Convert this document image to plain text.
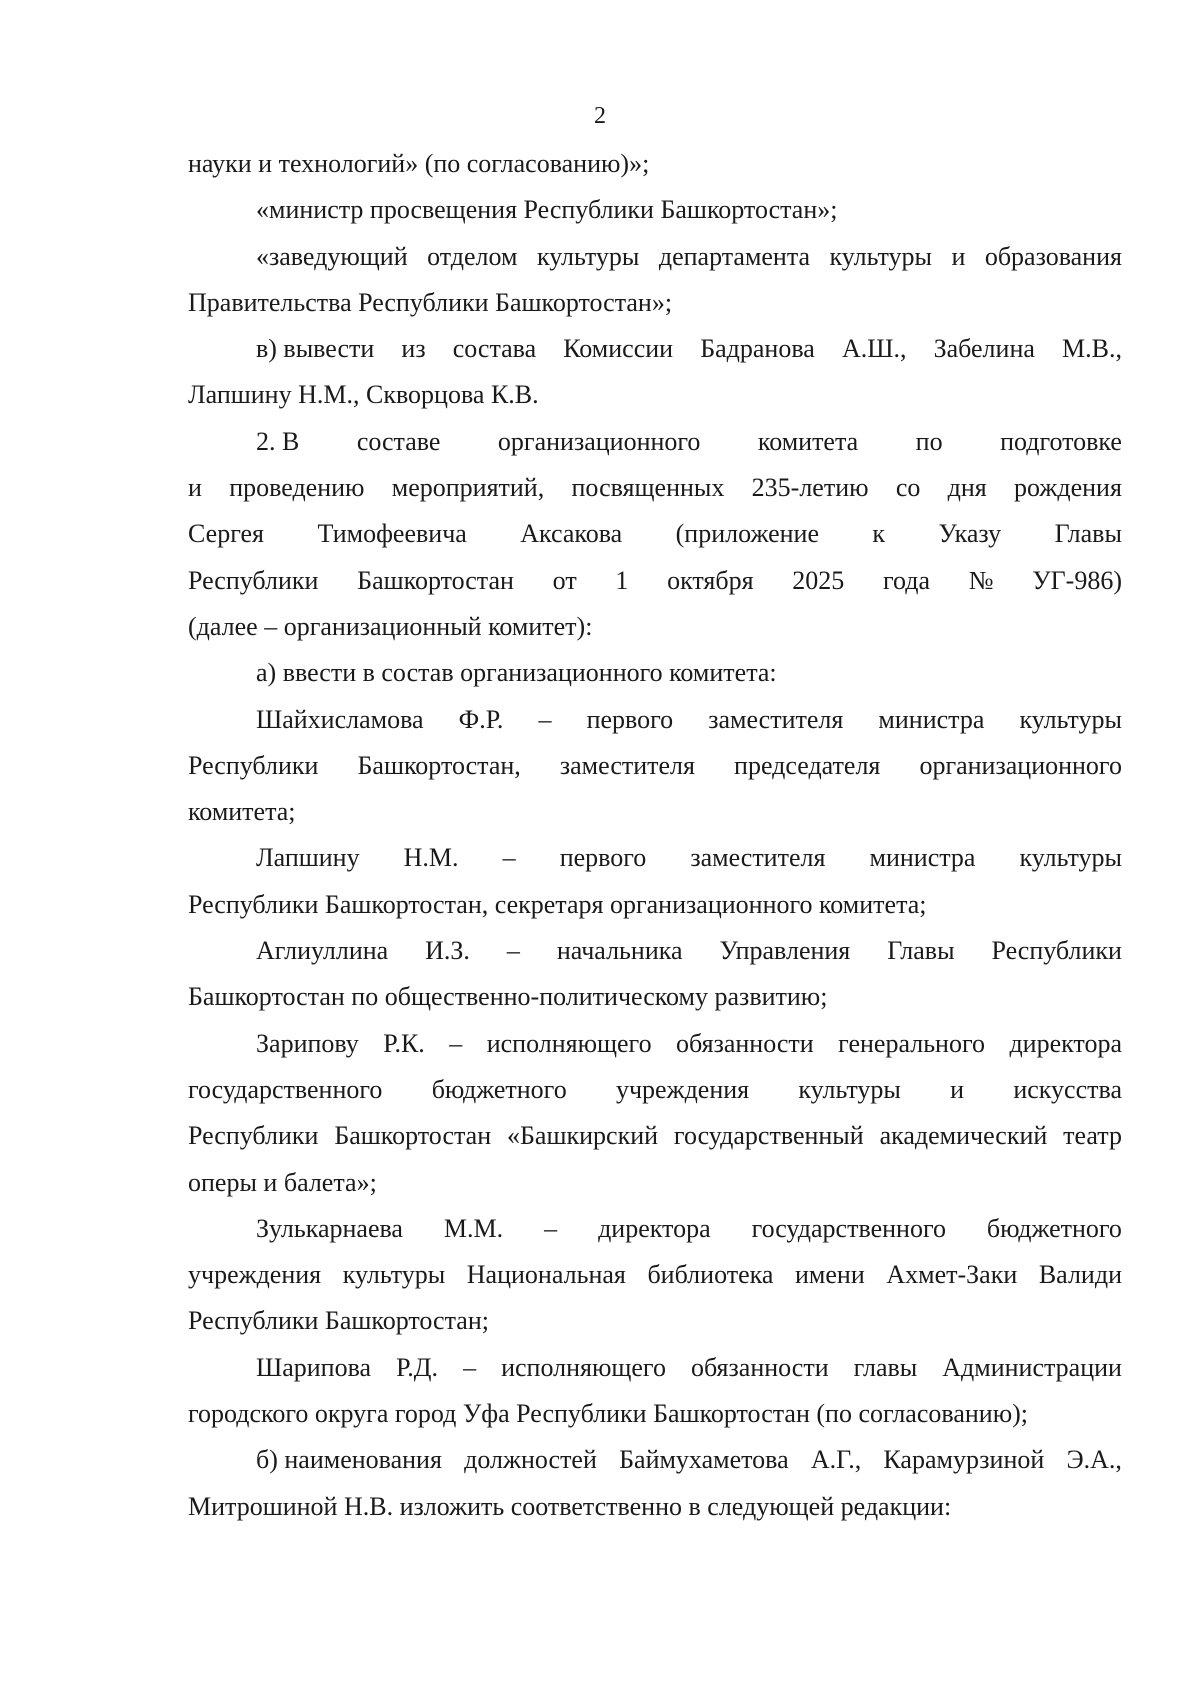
2
науки и технологий» (по согласованию)»;
«министр просвещения Республики Башкортостан»;
«заведующий отделом культуры департамента культуры и образования
Правительства Республики Башкортостан»;
в) вывести из состава Комиссии Бадранова А.Ш., Забелина М.В.,
Лапшину Н.М., Скворцова К.В.
2. В составе организационного комитета по подготовке
и проведению мероприятий, посвященных 235-летию со дня рождения
Сергея Тимофеевича Аксакова (приложение к Указу Главы
Республики Башкортостан от 1 октября 2025 года № УГ-986)
(далее – организационный комитет):
а) ввести в состав организационного комитета:
Шайхисламова Ф.Р. – первого заместителя министра культуры
Республики Башкортостан, заместителя председателя организационного
комитета;
Лапшину Н.М. – первого заместителя министра культуры
Республики Башкортостан, секретаря организационного комитета;
Аглиуллина И.З. – начальника Управления Главы Республики
Башкортостан по общественно-политическому развитию;
Зарипову Р.К. – исполняющего обязанности генерального директора
государственного бюджетного учреждения культуры и искусства
Республики Башкортостан «Башкирский государственный академический театр
оперы и балета»;
Зулькарнаева М.М. – директора государственного бюджетного
учреждения культуры Национальная библиотека имени Ахмет-Заки Валиди
Республики Башкортостан;
Шарипова Р.Д. – исполняющего обязанности главы Администрации
городского округа город Уфа Республики Башкортостан (по согласованию);
б) наименования должностей Баймухаметова А.Г., Карамурзиной Э.А.,
Митрошиной Н.В. изложить соответственно в следующей редакции:
